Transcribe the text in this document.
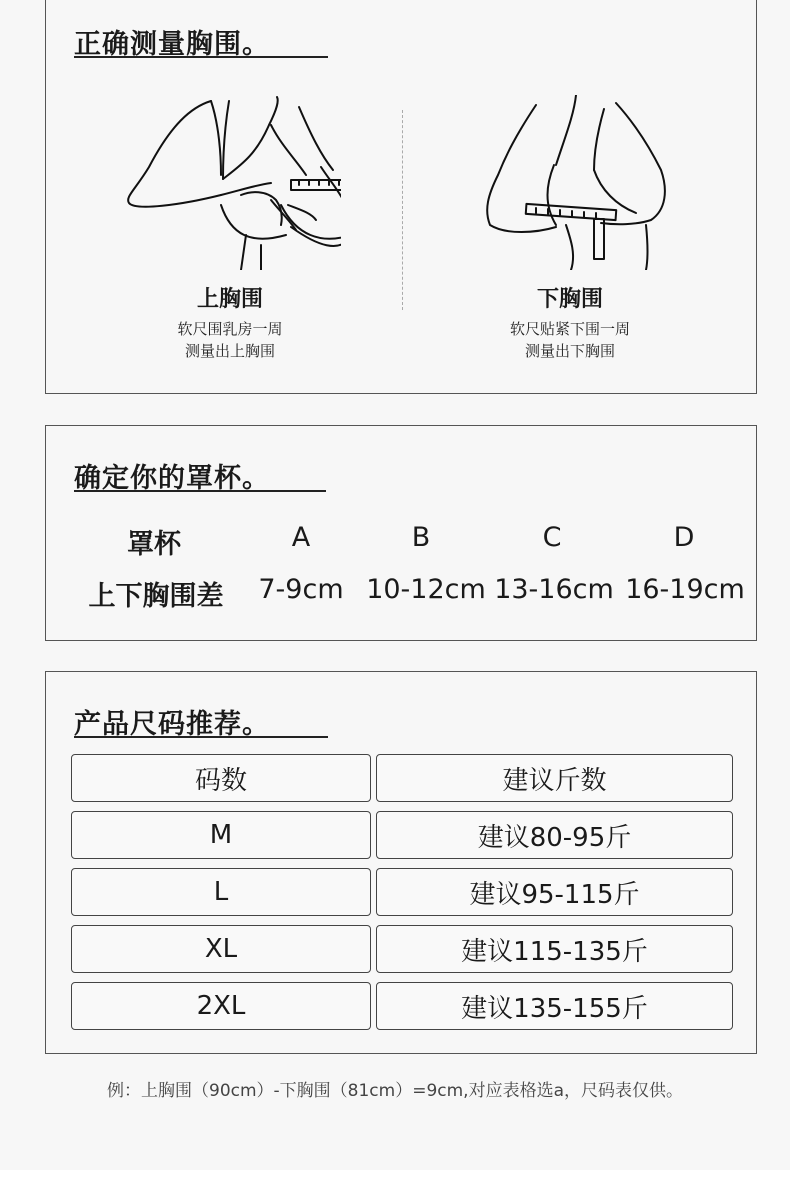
正确测量胸围。
上胸围
软尺围乳房一周
测量出上胸围
下胸围
软尺贴紧下围一周
测量出下胸围
确定你的罩杯。
罩杯	A	B	C	D
上下胸围差	7-9cm 10-12cm 13-16cm 16-19cm
产品尺码推荐。
码数	建议斤数
M	建议80-95斤
L	建议95-115斤
XL	建议115-135斤
2XL	建议135-155斤
例：上胸围（90cm）-下胸围（81cm）=9cm,对应表格选a，尺码表仅供。
